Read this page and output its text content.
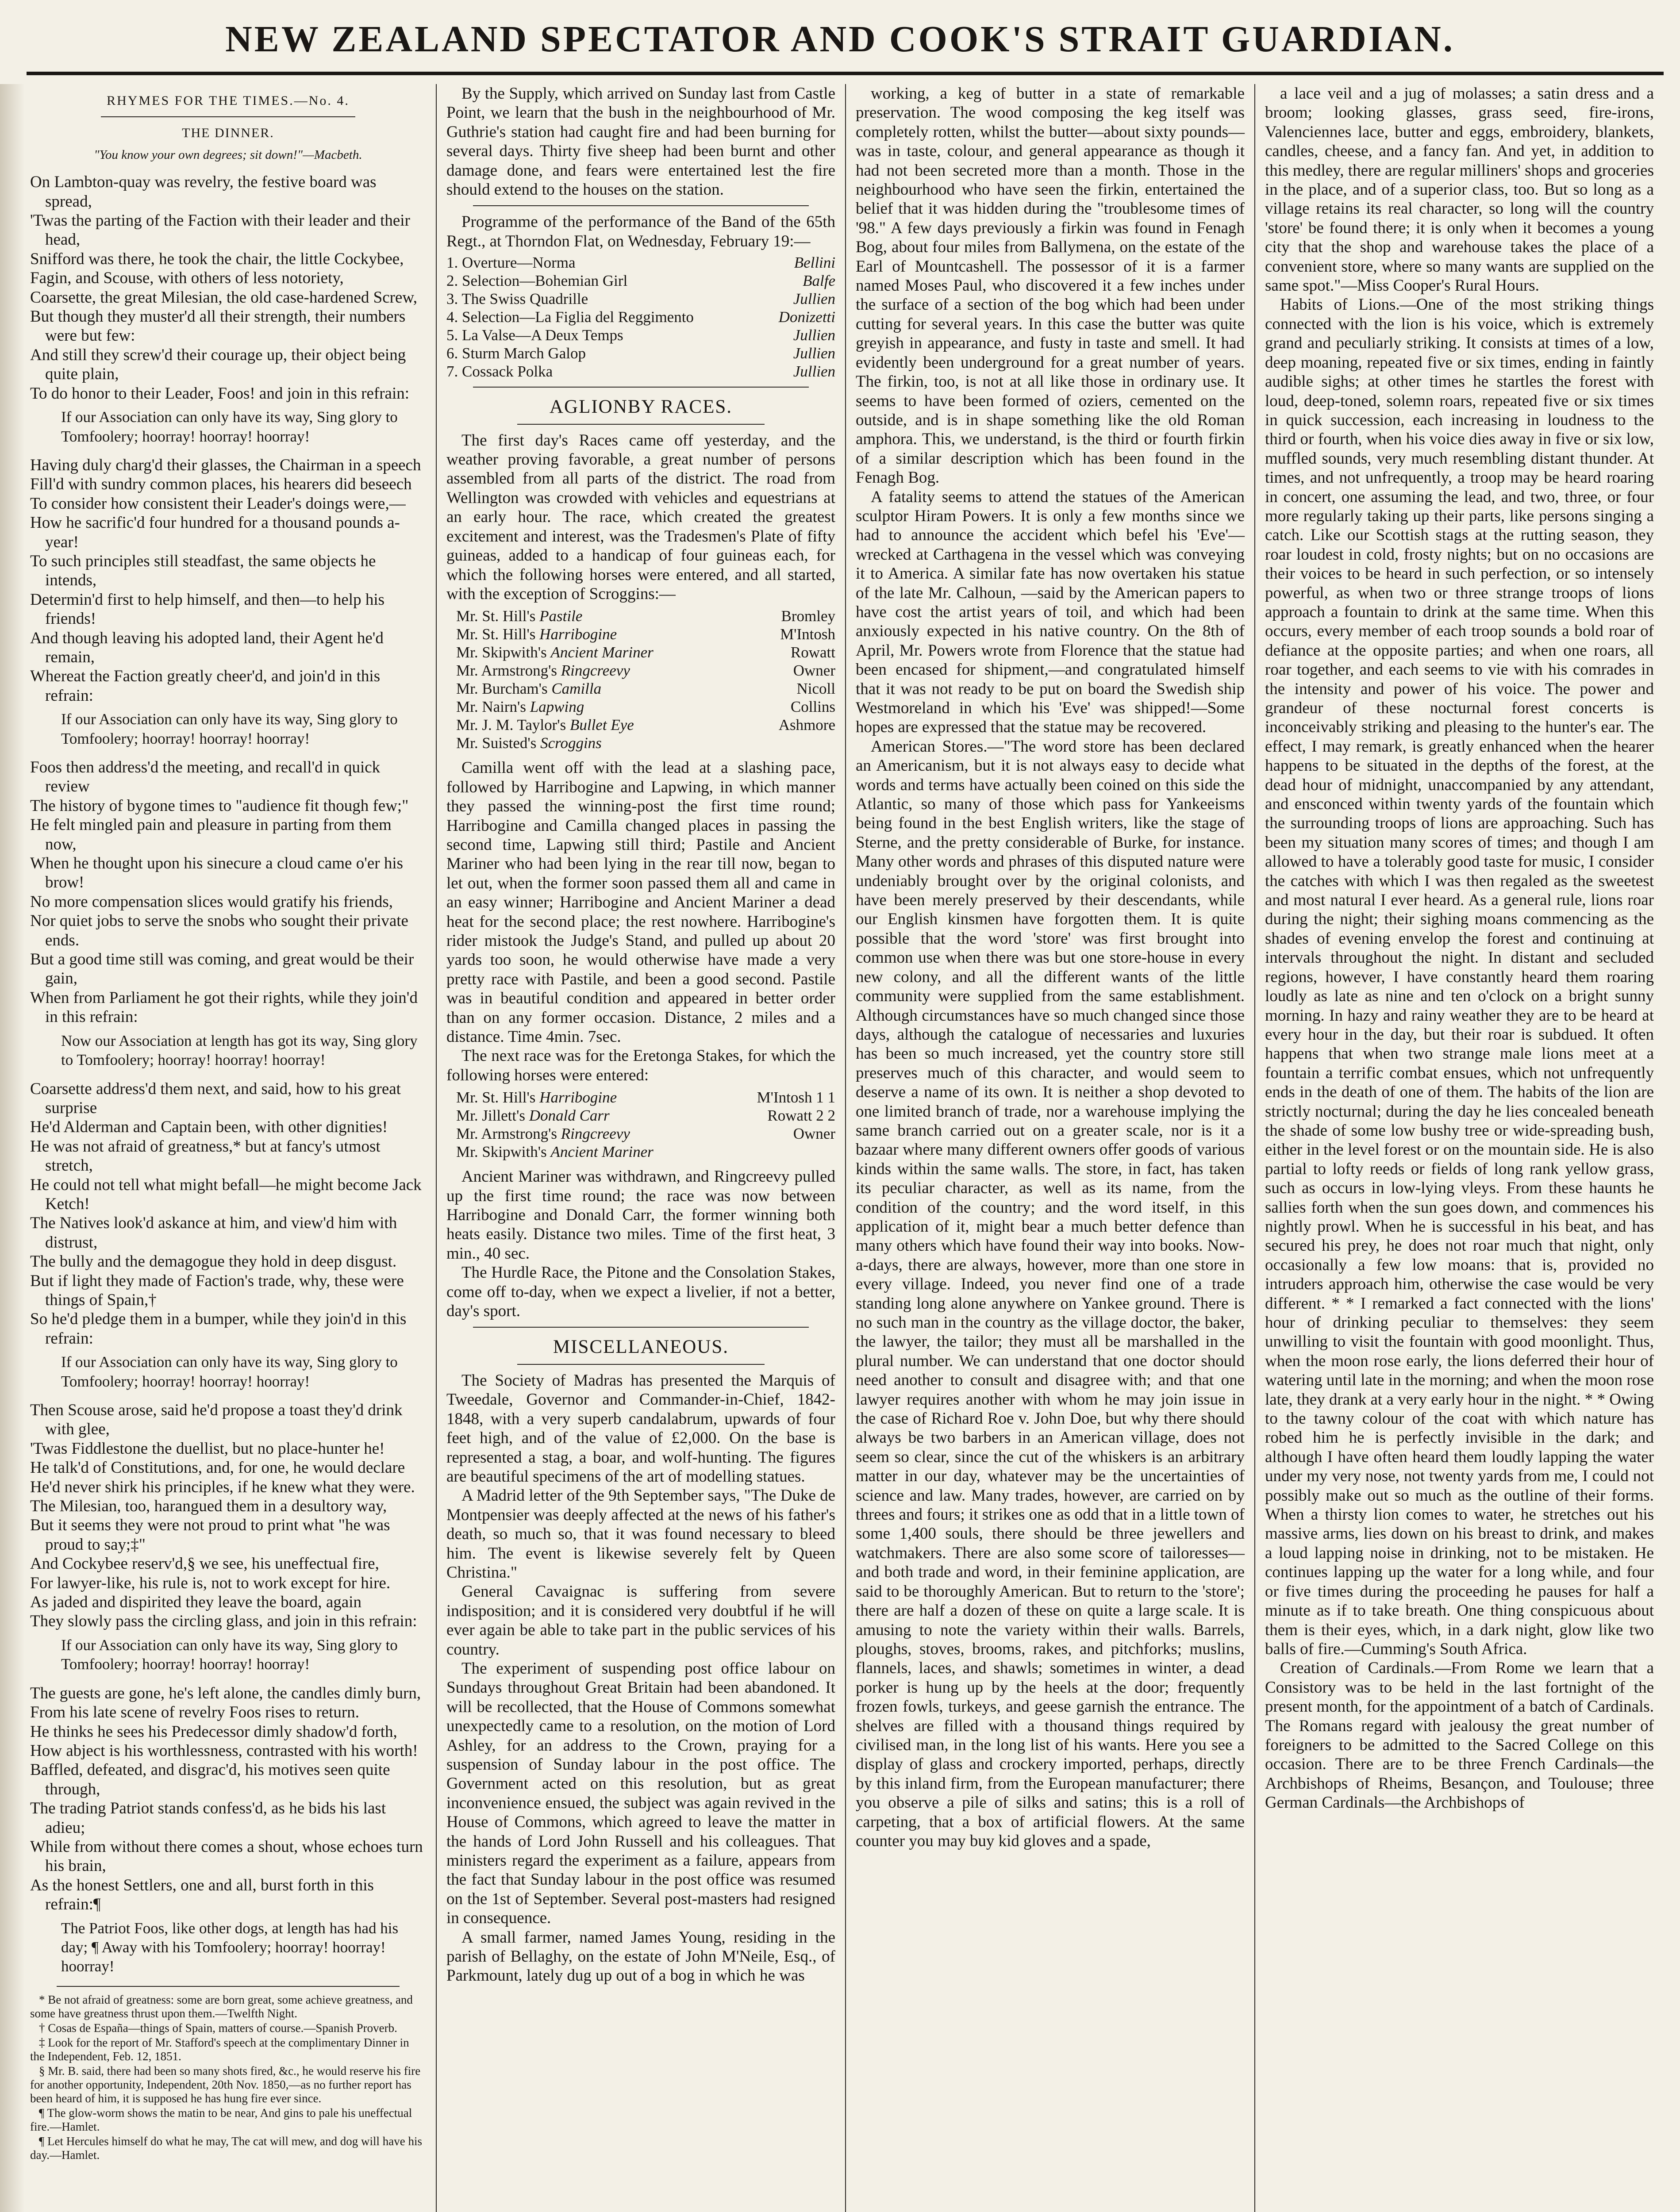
NEW ZEALAND SPECTATOR AND COOK'S STRAIT GUARDIAN.
RHYMES FOR THE TIMES.—No. 4.
THE DINNER.
"You know your own degrees; sit down!"—Macbeth.
On Lambton-quay was revelry, the festive board was spread,
'Twas the parting of the Faction with their leader and their head,
Snifford was there, he took the chair, the little Cockybee,
Fagin, and Scouse, with others of less notoriety,
Coarsette, the great Milesian, the old case-hardened Screw,
But though they muster'd all their strength, their numbers were but few:
And still they screw'd their courage up, their object being quite plain,
To do honor to their Leader, Foos! and join in this refrain:
If our Association can only have its way, Sing glory to Tomfoolery; hoorray! hoorray! hoorray!
Having duly charg'd their glasses, the Chairman in a speech
Fill'd with sundry common places, his hearers did beseech
To consider how consistent their Leader's doings were,—
How he sacrific'd four hundred for a thousand pounds a-year!
To such principles still steadfast, the same objects he intends,
Determin'd first to help himself, and then—to help his friends!
And though leaving his adopted land, their Agent he'd remain,
Whereat the Faction greatly cheer'd, and join'd in this refrain:
If our Association can only have its way, Sing glory to Tomfoolery; hoorray! hoorray! hoorray!
Foos then address'd the meeting, and recall'd in quick review
The history of bygone times to "audience fit though few;"
He felt mingled pain and pleasure in parting from them now,
When he thought upon his sinecure a cloud came o'er his brow!
No more compensation slices would gratify his friends,
Nor quiet jobs to serve the snobs who sought their private ends.
But a good time still was coming, and great would be their gain,
When from Parliament he got their rights, while they join'd in this refrain:
Now our Association at length has got its way, Sing glory to Tomfoolery; hoorray! hoorray! hoorray!
Coarsette address'd them next, and said, how to his great surprise
He'd Alderman and Captain been, with other dignities!
He was not afraid of greatness,* but at fancy's utmost stretch,
He could not tell what might befall—he might become Jack Ketch!
The Natives look'd askance at him, and view'd him with distrust,
The bully and the demagogue they hold in deep disgust.
But if light they made of Faction's trade, why, these were things of Spain,†
So he'd pledge them in a bumper, while they join'd in this refrain:
If our Association can only have its way, Sing glory to Tomfoolery; hoorray! hoorray! hoorray!
Then Scouse arose, said he'd propose a toast they'd drink with glee,
'Twas Fiddlestone the duellist, but no place-hunter he!
He talk'd of Constitutions, and, for one, he would declare
He'd never shirk his principles, if he knew what they were.
The Milesian, too, harangued them in a desultory way,
But it seems they were not proud to print what "he was proud to say;‡"
And Cockybee reserv'd,§ we see, his uneffectual fire,
For lawyer-like, his rule is, not to work except for hire.
As jaded and dispirited they leave the board, again
They slowly pass the circling glass, and join in this refrain:
If our Association can only have its way, Sing glory to Tomfoolery; hoorray! hoorray! hoorray!
The guests are gone, he's left alone, the candles dimly burn,
From his late scene of revelry Foos rises to return.
He thinks he sees his Predecessor dimly shadow'd forth,
How abject is his worthlessness, contrasted with his worth!
Baffled, defeated, and disgrac'd, his motives seen quite through,
The trading Patriot stands confess'd, as he bids his last adieu;
While from without there comes a shout, whose echoes turn his brain,
As the honest Settlers, one and all, burst forth in this refrain:¶
The Patriot Foos, like other dogs, at length has had his day; ¶ Away with his Tomfoolery; hoorray! hoorray! hoorray!

* Be not afraid of greatness: some are born great, some achieve greatness, and some have greatness thrust upon them.—Twelfth Night.

† Cosas de España—things of Spain, matters of course.—Spanish Proverb.

‡ Look for the report of Mr. Stafford's speech at the complimentary Dinner in the Independent, Feb. 12, 1851.

§ Mr. B. said, there had been so many shots fired, &c., he would reserve his fire for another opportunity, Independent, 20th Nov. 1850,—as no further report has been heard of him, it is supposed he has hung fire ever since.

¶ The glow-worm shows the matin to be near, And gins to pale his uneffectual fire.—Hamlet.

¶ Let Hercules himself do what he may, The cat will mew, and dog will have his day.—Hamlet.

By the Supply, which arrived on Sunday last from Castle Point, we learn that the bush in the neighbourhood of Mr. Guthrie's station had caught fire and had been burning for several days. Thirty five sheep had been burnt and other damage done, and fears were entertained lest the fire should extend to the houses on the station.

Programme of the performance of the Band of the 65th Regt., at Thorndon Flat, on Wednesday, February 19:—

1. Overture—Norma	Bellini
2. Selection—Bohemian Girl	Balfe
3. The Swiss Quadrille	Jullien
4. Selection—La Figlia del Reggimento	Donizetti
5. La Valse—A Deux Temps	Jullien
6. Sturm March Galop	Jullien
7. Cossack Polka	Jullien
AGLIONBY RACES.

The first day's Races came off yesterday, and the weather proving favorable, a great number of persons assembled from all parts of the district. The road from Wellington was crowded with vehicles and equestrians at an early hour. The race, which created the greatest excitement and interest, was the Tradesmen's Plate of fifty guineas, added to a handicap of four guineas each, for which the following horses were entered, and all started, with the exception of Scroggins:—

Mr. St. Hill's Pastile	Bromley
Mr. St. Hill's Harribogine	M'Intosh
Mr. Skipwith's Ancient Mariner	Rowatt
Mr. Armstrong's Ringcreevy	Owner
Mr. Burcham's Camilla	Nicoll
Mr. Nairn's Lapwing	Collins
Mr. J. M. Taylor's Bullet Eye	Ashmore
Mr. Suisted's Scroggins

Camilla went off with the lead at a slashing pace, followed by Harribogine and Lapwing, in which manner they passed the winning-post the first time round; Harribogine and Camilla changed places in passing the second time, Lapwing still third; Pastile and Ancient Mariner who had been lying in the rear till now, began to let out, when the former soon passed them all and came in an easy winner; Harribogine and Ancient Mariner a dead heat for the second place; the rest nowhere. Harribogine's rider mistook the Judge's Stand, and pulled up about 20 yards too soon, he would otherwise have made a very pretty race with Pastile, and been a good second. Pastile was in beautiful condition and appeared in better order than on any former occasion. Distance, 2 miles and a distance. Time 4min. 7sec.

The next race was for the Eretonga Stakes, for which the following horses were entered:

Mr. St. Hill's Harribogine	M'Intosh 1 1
Mr. Jillett's Donald Carr	Rowatt 2 2
Mr. Armstrong's Ringcreevy	Owner
Mr. Skipwith's Ancient Mariner

Ancient Mariner was withdrawn, and Ringcreevy pulled up the first time round; the race was now between Harribogine and Donald Carr, the former winning both heats easily. Distance two miles. Time of the first heat, 3 min., 40 sec.

The Hurdle Race, the Pitone and the Consolation Stakes, come off to-day, when we expect a livelier, if not a better, day's sport.

MISCELLANEOUS.

The Society of Madras has presented the Marquis of Tweedale, Governor and Commander-in-Chief, 1842-1848, with a very superb candalabrum, upwards of four feet high, and of the value of £2,000. On the base is represented a stag, a boar, and wolf-hunting. The figures are beautiful specimens of the art of modelling statues.

A Madrid letter of the 9th September says, "The Duke de Montpensier was deeply affected at the news of his father's death, so much so, that it was found necessary to bleed him. The event is likewise severely felt by Queen Christina."

General Cavaignac is suffering from severe indisposition; and it is considered very doubtful if he will ever again be able to take part in the public services of his country.

The experiment of suspending post office labour on Sundays throughout Great Britain had been abandoned. It will be recollected, that the House of Commons somewhat unexpectedly came to a resolution, on the motion of Lord Ashley, for an address to the Crown, praying for a suspension of Sunday labour in the post office. The Government acted on this resolution, but as great inconvenience ensued, the subject was again revived in the House of Commons, which agreed to leave the matter in the hands of Lord John Russell and his colleagues. That ministers regard the experiment as a failure, appears from the fact that Sunday labour in the post office was resumed on the 1st of September. Several post-masters had resigned in consequence.

A small farmer, named James Young, residing in the parish of Bellaghy, on the estate of John M'Neile, Esq., of Parkmount, lately dug up out of a bog in which he was

working, a keg of butter in a state of remarkable preservation. The wood composing the keg itself was completely rotten, whilst the butter—about sixty pounds—was in taste, colour, and general appearance as though it had not been secreted more than a month. Those in the neighbourhood who have seen the firkin, entertained the belief that it was hidden during the "troublesome times of '98." A few days previously a firkin was found in Fenagh Bog, about four miles from Ballymena, on the estate of the Earl of Mountcashell. The possessor of it is a farmer named Moses Paul, who discovered it a few inches under the surface of a section of the bog which had been under cutting for several years. In this case the butter was quite greyish in appearance, and fusty in taste and smell. It had evidently been underground for a great number of years. The firkin, too, is not at all like those in ordinary use. It seems to have been formed of oziers, cemented on the outside, and is in shape something like the old Roman amphora. This, we understand, is the third or fourth firkin of a similar description which has been found in the Fenagh Bog.

A fatality seems to attend the statues of the American sculptor Hiram Powers. It is only a few months since we had to announce the accident which befel his 'Eve'—wrecked at Carthagena in the vessel which was conveying it to America. A similar fate has now overtaken his statue of the late Mr. Calhoun, —said by the American papers to have cost the artist years of toil, and which had been anxiously expected in his native country. On the 8th of April, Mr. Powers wrote from Florence that the statue had been encased for shipment,—and congratulated himself that it was not ready to be put on board the Swedish ship Westmoreland in which his 'Eve' was shipped!—Some hopes are expressed that the statue may be recovered.

American Stores.—"The word store has been declared an Americanism, but it is not always easy to decide what words and terms have actually been coined on this side the Atlantic, so many of those which pass for Yankeeisms being found in the best English writers, like the stage of Sterne, and the pretty considerable of Burke, for instance. Many other words and phrases of this disputed nature were undeniably brought over by the original colonists, and have been merely preserved by their descendants, while our English kinsmen have forgotten them. It is quite possible that the word 'store' was first brought into common use when there was but one store-house in every new colony, and all the different wants of the little community were supplied from the same establishment. Although circumstances have so much changed since those days, although the catalogue of necessaries and luxuries has been so much increased, yet the country store still preserves much of this character, and would seem to deserve a name of its own. It is neither a shop devoted to one limited branch of trade, nor a warehouse implying the same branch carried out on a greater scale, nor is it a bazaar where many different owners offer goods of various kinds within the same walls. The store, in fact, has taken its peculiar character, as well as its name, from the condition of the country; and the word itself, in this application of it, might bear a much better defence than many others which have found their way into books. Now-a-days, there are always, however, more than one store in every village. Indeed, you never find one of a trade standing long alone anywhere on Yankee ground. There is no such man in the country as the village doctor, the baker, the lawyer, the tailor; they must all be marshalled in the plural number. We can understand that one doctor should need another to consult and disagree with; and that one lawyer requires another with whom he may join issue in the case of Richard Roe v. John Doe, but why there should always be two barbers in an American village, does not seem so clear, since the cut of the whiskers is an arbitrary matter in our day, whatever may be the uncertainties of science and law. Many trades, however, are carried on by threes and fours; it strikes one as odd that in a little town of some 1,400 souls, there should be three jewellers and watchmakers. There are also some score of tailoresses—and both trade and word, in their feminine application, are said to be thoroughly American. But to return to the 'store'; there are half a dozen of these on quite a large scale. It is amusing to note the variety within their walls. Barrels, ploughs, stoves, brooms, rakes, and pitchforks; muslins, flannels, laces, and shawls; sometimes in winter, a dead porker is hung up by the heels at the door; frequently frozen fowls, turkeys, and geese garnish the entrance. The shelves are filled with a thousand things required by civilised man, in the long list of his wants. Here you see a display of glass and crockery imported, perhaps, directly by this inland firm, from the European manufacturer; there you observe a pile of silks and satins; this is a roll of carpeting, that a box of artificial flowers. At the same counter you may buy kid gloves and a spade,

a lace veil and a jug of molasses; a satin dress and a broom; looking glasses, grass seed, fire-irons, Valenciennes lace, butter and eggs, embroidery, blankets, candles, cheese, and a fancy fan. And yet, in addition to this medley, there are regular milliners' shops and groceries in the place, and of a superior class, too. But so long as a village retains its real character, so long will the country 'store' be found there; it is only when it becomes a young city that the shop and warehouse takes the place of a convenient store, where so many wants are supplied on the same spot."—Miss Cooper's Rural Hours.

Habits of Lions.—One of the most striking things connected with the lion is his voice, which is extremely grand and peculiarly striking. It consists at times of a low, deep moaning, repeated five or six times, ending in faintly audible sighs; at other times he startles the forest with loud, deep-toned, solemn roars, repeated five or six times in quick succession, each increasing in loudness to the third or fourth, when his voice dies away in five or six low, muffled sounds, very much resembling distant thunder. At times, and not unfrequently, a troop may be heard roaring in concert, one assuming the lead, and two, three, or four more regularly taking up their parts, like persons singing a catch. Like our Scottish stags at the rutting season, they roar loudest in cold, frosty nights; but on no occasions are their voices to be heard in such perfection, or so intensely powerful, as when two or three strange troops of lions approach a fountain to drink at the same time. When this occurs, every member of each troop sounds a bold roar of defiance at the opposite parties; and when one roars, all roar together, and each seems to vie with his comrades in the intensity and power of his voice. The power and grandeur of these nocturnal forest concerts is inconceivably striking and pleasing to the hunter's ear. The effect, I may remark, is greatly enhanced when the hearer happens to be situated in the depths of the forest, at the dead hour of midnight, unaccompanied by any attendant, and ensconced within twenty yards of the fountain which the surrounding troops of lions are approaching. Such has been my situation many scores of times; and though I am allowed to have a tolerably good taste for music, I consider the catches with which I was then regaled as the sweetest and most natural I ever heard. As a general rule, lions roar during the night; their sighing moans commencing as the shades of evening envelop the forest and continuing at intervals throughout the night. In distant and secluded regions, however, I have constantly heard them roaring loudly as late as nine and ten o'clock on a bright sunny morning. In hazy and rainy weather they are to be heard at every hour in the day, but their roar is subdued. It often happens that when two strange male lions meet at a fountain a terrific combat ensues, which not unfrequently ends in the death of one of them. The habits of the lion are strictly nocturnal; during the day he lies concealed beneath the shade of some low bushy tree or wide-spreading bush, either in the level forest or on the mountain side. He is also partial to lofty reeds or fields of long rank yellow grass, such as occurs in low-lying vleys. From these haunts he sallies forth when the sun goes down, and commences his nightly prowl. When he is successful in his beat, and has secured his prey, he does not roar much that night, only occasionally a few low moans: that is, provided no intruders approach him, otherwise the case would be very different. * * I remarked a fact connected with the lions' hour of drinking peculiar to themselves: they seem unwilling to visit the fountain with good moonlight. Thus, when the moon rose early, the lions deferred their hour of watering until late in the morning; and when the moon rose late, they drank at a very early hour in the night. * * Owing to the tawny colour of the coat with which nature has robed him he is perfectly invisible in the dark; and although I have often heard them loudly lapping the water under my very nose, not twenty yards from me, I could not possibly make out so much as the outline of their forms. When a thirsty lion comes to water, he stretches out his massive arms, lies down on his breast to drink, and makes a loud lapping noise in drinking, not to be mistaken. He continues lapping up the water for a long while, and four or five times during the proceeding he pauses for half a minute as if to take breath. One thing conspicuous about them is their eyes, which, in a dark night, glow like two balls of fire.—Cumming's South Africa.

Creation of Cardinals.—From Rome we learn that a Consistory was to be held in the last fortnight of the present month, for the appointment of a batch of Cardinals. The Romans regard with jealousy the great number of foreigners to be admitted to the Sacred College on this occasion. There are to be three French Cardinals—the Archbishops of Rheims, Besançon, and Toulouse; three German Cardinals—the Archbishops of
